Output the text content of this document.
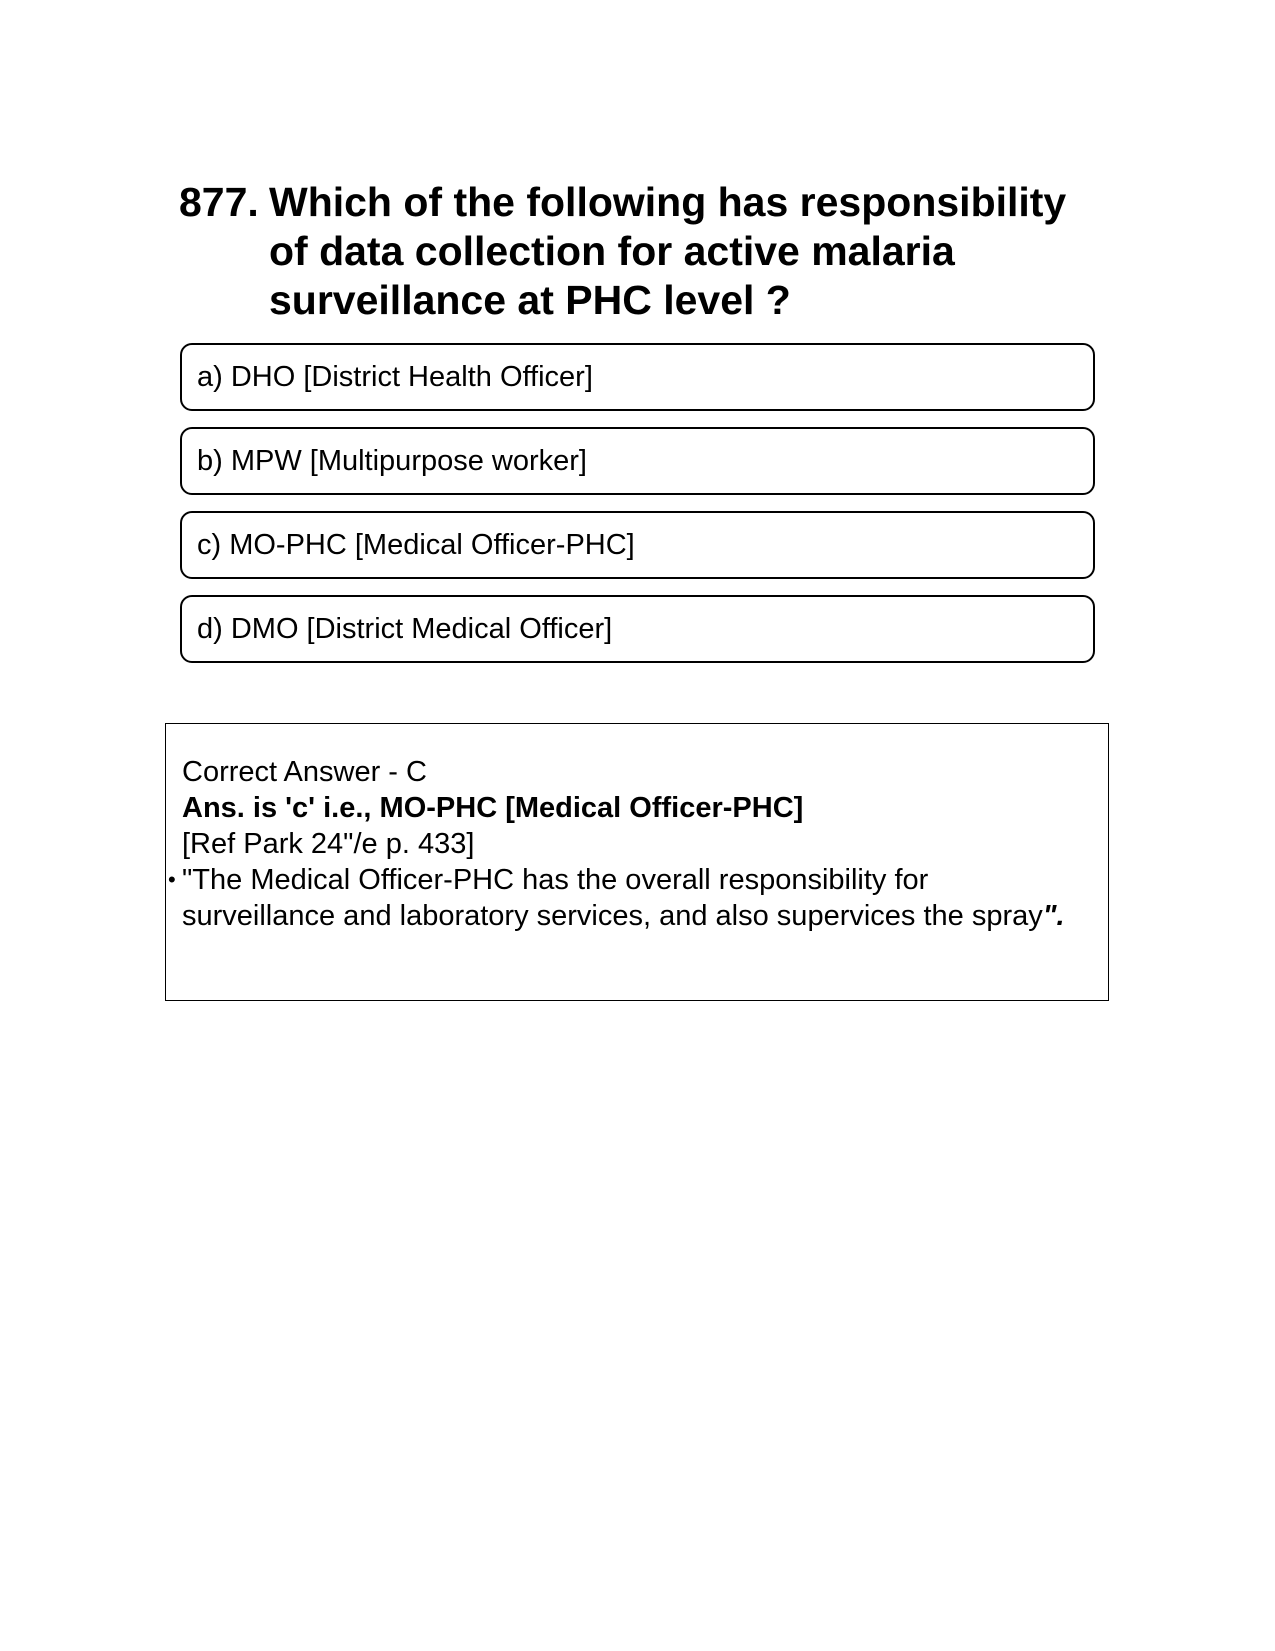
877. Which of the following has responsibility of data collection for active malaria surveillance at PHC level ?
a) DHO [District Health Officer]
b) MPW [Multipurpose worker]
c) MO-PHC [Medical Officer-PHC]
d) DMO [District Medical Officer]
Correct Answer - C
Ans. is 'c' i.e., MO-PHC [Medical Officer-PHC]
[Ref Park 24"/e p. 433]
• "The Medical Officer-PHC has the overall responsibility for surveillance and laboratory services, and also supervices the spray".
